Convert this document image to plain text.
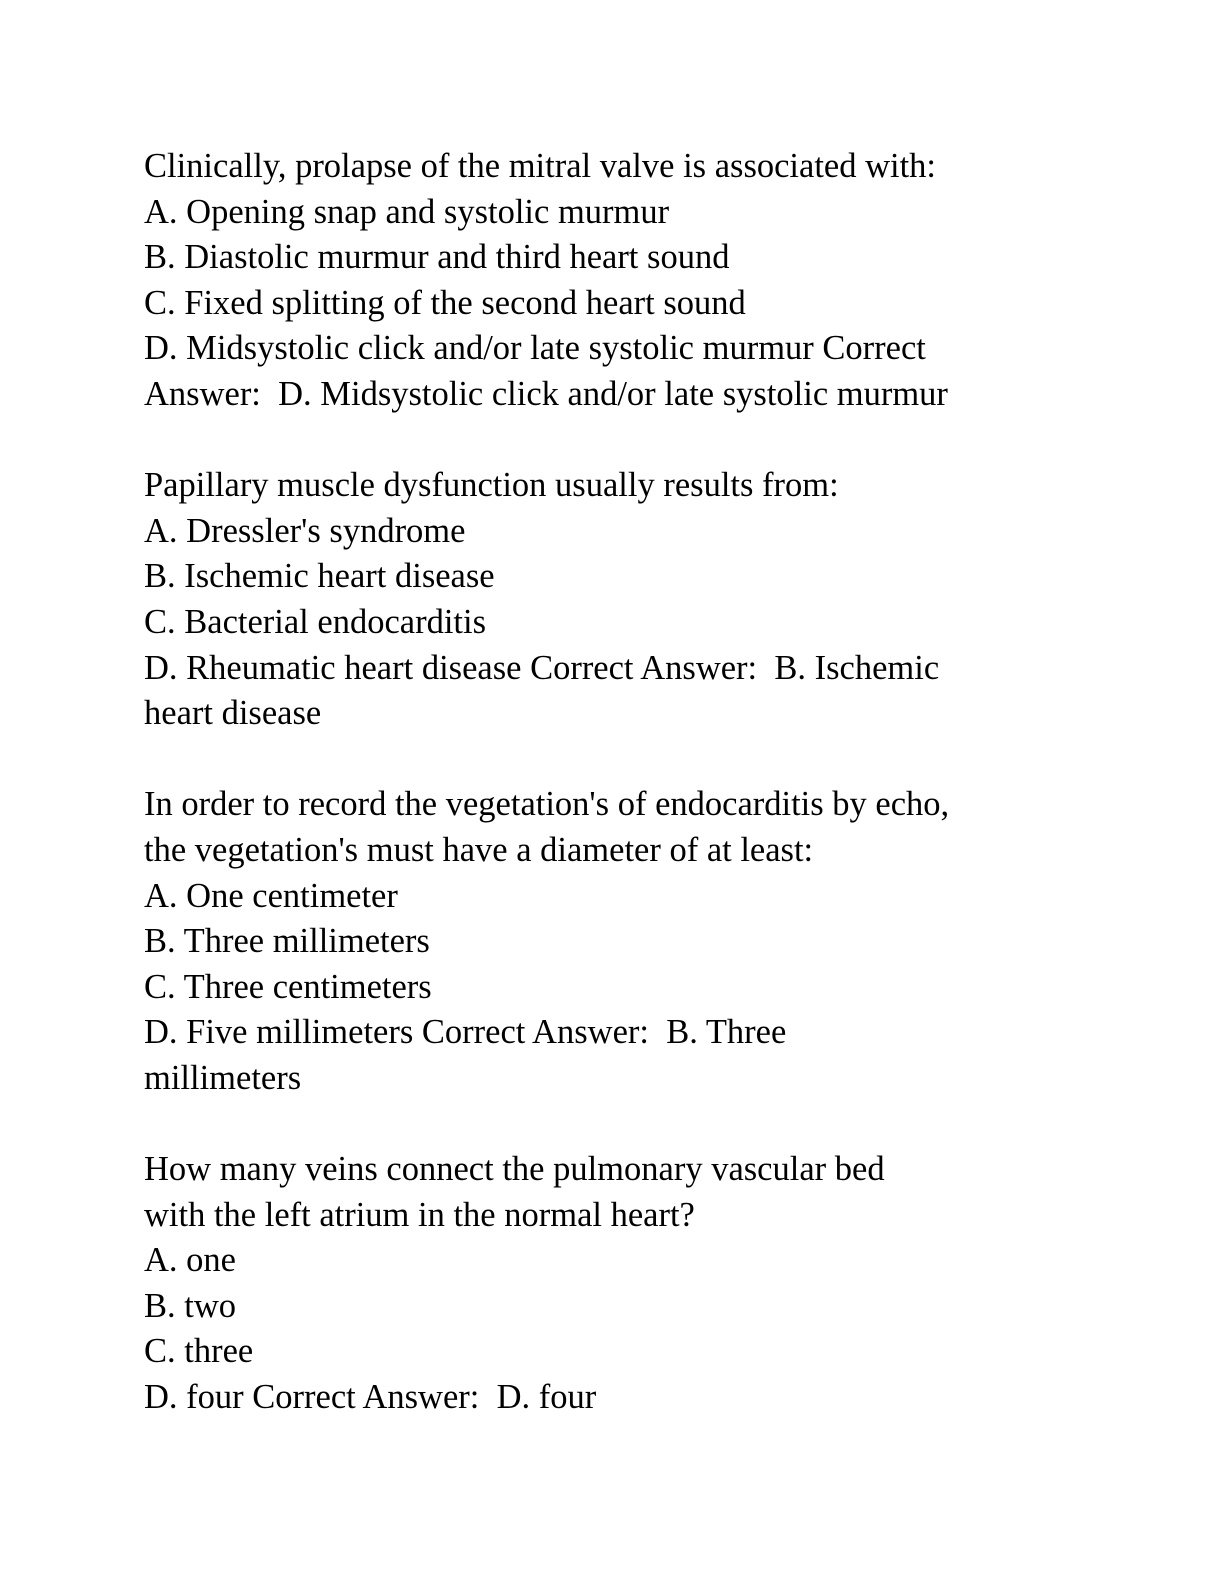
Clinically, prolapse of the mitral valve is associated with:
A. Opening snap and systolic murmur
B. Diastolic murmur and third heart sound
C. Fixed splitting of the second heart sound
D. Midsystolic click and/or late systolic murmur Correct
Answer:  D. Midsystolic click and/or late systolic murmur
Papillary muscle dysfunction usually results from:
A. Dressler's syndrome
B. Ischemic heart disease
C. Bacterial endocarditis
D. Rheumatic heart disease Correct Answer:  B. Ischemic
heart disease
In order to record the vegetation's of endocarditis by echo,
the vegetation's must have a diameter of at least:
A. One centimeter
B. Three millimeters
C. Three centimeters
D. Five millimeters Correct Answer:  B. Three
millimeters
How many veins connect the pulmonary vascular bed
with the left atrium in the normal heart?
A. one
B. two
C. three
D. four Correct Answer:  D. four
